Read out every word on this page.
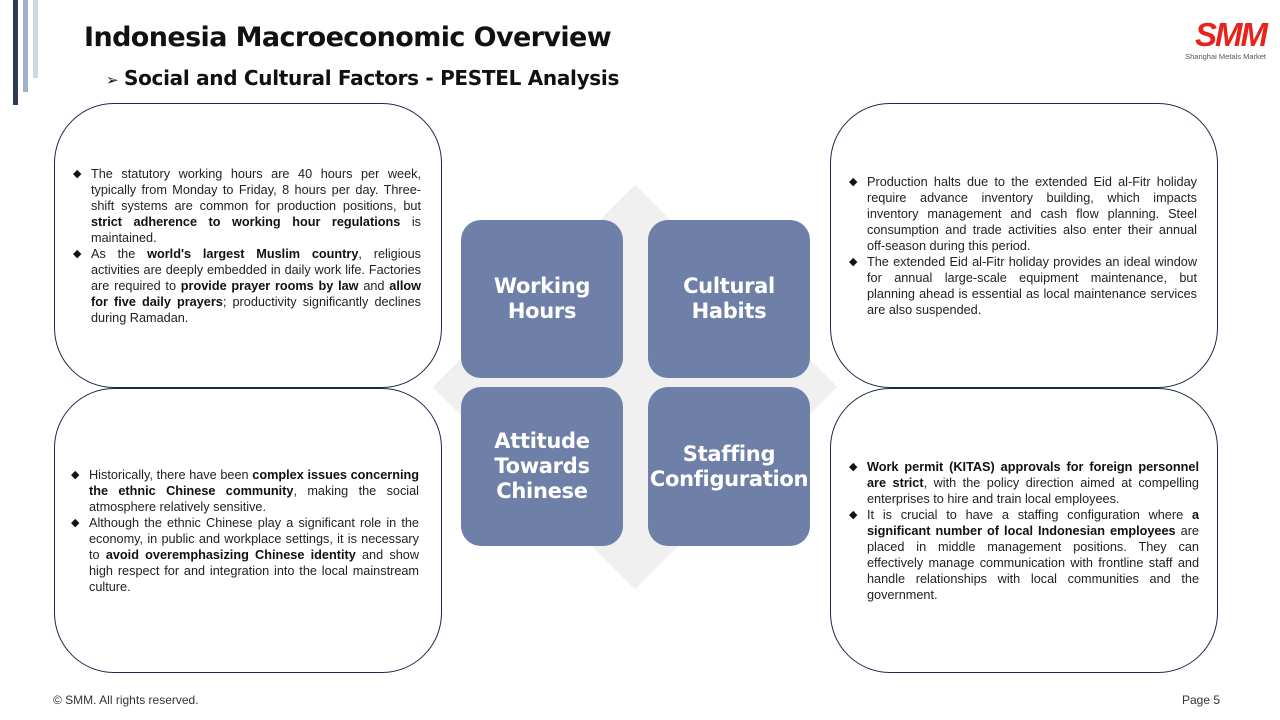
Indonesia Macroeconomic Overview
➢ Social and Cultural Factors - PESTEL Analysis
SMM
Shanghai Metals Market
◆ The statutory working hours are 40 hours per week, typically from Monday to Friday, 8 hours per day. Three-shift systems are common for production positions, but strict adherence to working hour regulations is maintained.
◆ As the world's largest Muslim country, religious activities are deeply embedded in daily work life. Factories are required to provide prayer rooms by law and allow for five daily prayers; productivity significantly declines during Ramadan.
◆ Historically, there have been complex issues concerning the ethnic Chinese community, making the social atmosphere relatively sensitive.
◆ Although the ethnic Chinese play a significant role in the economy, in public and workplace settings, it is necessary to avoid overemphasizing Chinese identity and show high respect for and integration into the local mainstream culture.
◆ Production halts due to the extended Eid al-Fitr holiday require advance inventory building, which impacts inventory management and cash flow planning. Steel consumption and trade activities also enter their annual off-season during this period.
◆ The extended Eid al-Fitr holiday provides an ideal window for annual large-scale equipment maintenance, but planning ahead is essential as local maintenance services are also suspended.
◆ Work permit (KITAS) approvals for foreign personnel are strict, with the policy direction aimed at compelling enterprises to hire and train local employees.
◆ It is crucial to have a staffing configuration where a significant number of local Indonesian employees are placed in middle management positions. They can effectively manage communication with frontline staff and handle relationships with local communities and the government.
Working Hours
Cultural Habits
Attitude Towards Chinese
Staffing Configuration
© SMM. All rights reserved.	Page 5
